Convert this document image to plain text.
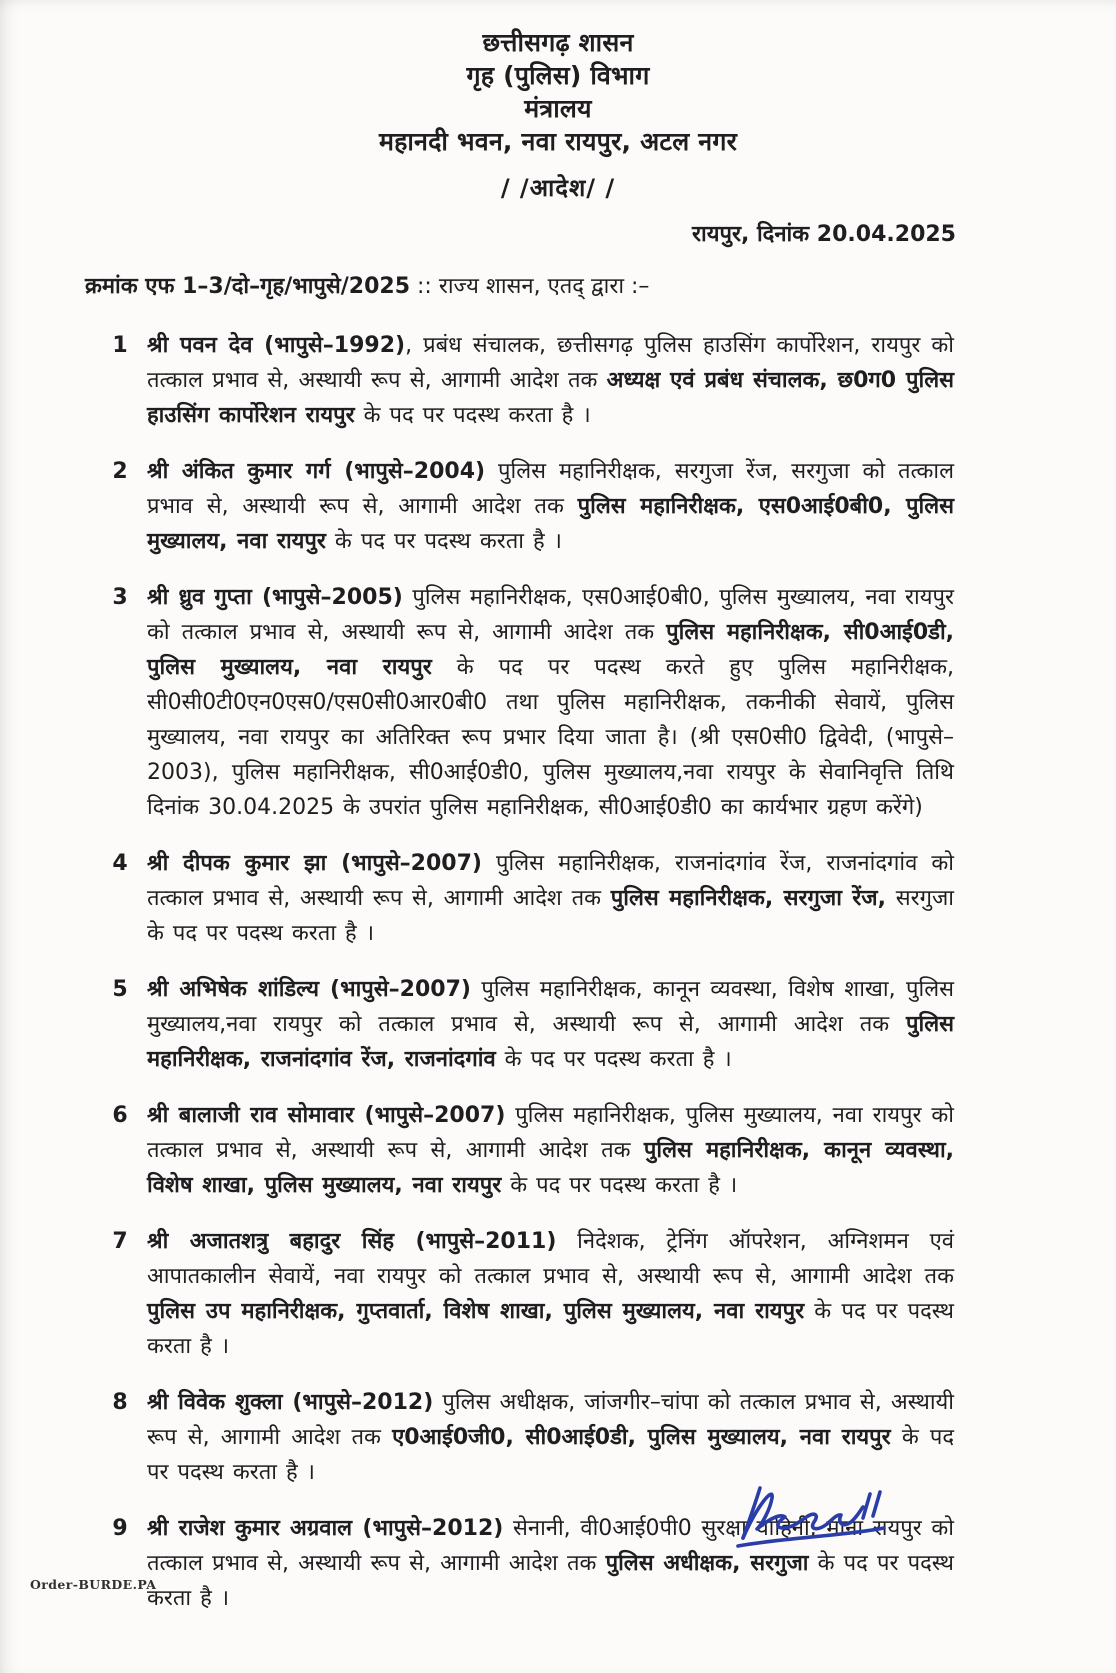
छत्तीसगढ़ शासन
गृह (पुलिस) विभाग
मंत्रालय
महानदी भवन, नवा रायपुर, अटल नगर
/ /आदेश/ /
रायपुर, दिनांक 20.04.2025
क्रमांक एफ 1–3/दो–गृह/भापुसे/2025 :: राज्य शासन, एतद् द्वारा :–
1 श्री पवन देव (भापुसे–1992), प्रबंध संचालक, छत्तीसगढ़ पुलिस हाउसिंग कार्पोरेशन, रायपुर को तत्काल प्रभाव से, अस्थायी रूप से, आगामी आदेश तक अध्यक्ष एवं प्रबंध संचालक, छ0ग0 पुलिस हाउसिंग कार्पोरेशन रायपुर के पद पर पदस्थ करता है ।
2 श्री अंकित कुमार गर्ग (भापुसे–2004) पुलिस महानिरीक्षक, सरगुजा रेंज, सरगुजा को तत्काल प्रभाव से, अस्थायी रूप से, आगामी आदेश तक पुलिस महानिरीक्षक, एस0आई0बी0, पुलिस मुख्यालय, नवा रायपुर के पद पर पदस्थ करता है ।
3 श्री ध्रुव गुप्ता (भापुसे–2005) पुलिस महानिरीक्षक, एस0आई0बी0, पुलिस मुख्यालय, नवा रायपुर को तत्काल प्रभाव से, अस्थायी रूप से, आगामी आदेश तक पुलिस महानिरीक्षक, सी0आई0डी, पुलिस मुख्यालय, नवा रायपुर के पद पर पदस्थ करते हुए पुलिस महानिरीक्षक, सी0सी0टी0एन0एस0/एस0सी0आर0बी0 तथा पुलिस महानिरीक्षक, तकनीकी सेवायें, पुलिस मुख्यालय, नवा रायपुर का अतिरिक्त रूप प्रभार दिया जाता है। (श्री एस0सी0 द्विवेदी, (भापुसे–2003), पुलिस महानिरीक्षक, सी0आई0डी0, पुलिस मुख्यालय,नवा रायपुर के सेवानिवृत्ति तिथि दिनांक 30.04.2025 के उपरांत पुलिस महानिरीक्षक, सी0आई0डी0 का कार्यभार ग्रहण करेंगे)
4 श्री दीपक कुमार झा (भापुसे–2007) पुलिस महानिरीक्षक, राजनांदगांव रेंज, राजनांदगांव को तत्काल प्रभाव से, अस्थायी रूप से, आगामी आदेश तक पुलिस महानिरीक्षक, सरगुजा रेंज, सरगुजा के पद पर पदस्थ करता है ।
5 श्री अभिषेक शांडिल्य (भापुसे–2007) पुलिस महानिरीक्षक, कानून व्यवस्था, विशेष शाखा, पुलिस मुख्यालय,नवा रायपुर को तत्काल प्रभाव से, अस्थायी रूप से, आगामी आदेश तक पुलिस महानिरीक्षक, राजनांदगांव रेंज, राजनांदगांव के पद पर पदस्थ करता है ।
6 श्री बालाजी राव सोमावार (भापुसे–2007) पुलिस महानिरीक्षक, पुलिस मुख्यालय, नवा रायपुर को तत्काल प्रभाव से, अस्थायी रूप से, आगामी आदेश तक पुलिस महानिरीक्षक, कानून व्यवस्था, विशेष शाखा, पुलिस मुख्यालय, नवा रायपुर के पद पर पदस्थ करता है ।
7 श्री अजातशत्रु बहादुर सिंह (भापुसे–2011) निदेशक, ट्रेनिंग ऑपरेशन, अग्निशमन एवं आपातकालीन सेवायें, नवा रायपुर को तत्काल प्रभाव से, अस्थायी रूप से, आगामी आदेश तक पुलिस उप महानिरीक्षक, गुप्तवार्ता, विशेष शाखा, पुलिस मुख्यालय, नवा रायपुर के पद पर पदस्थ करता है ।
8 श्री विवेक शुक्ला (भापुसे–2012) पुलिस अधीक्षक, जांजगीर–चांपा को तत्काल प्रभाव से, अस्थायी रूप से, आगामी आदेश तक ए0आई0जी0, सी0आई0डी, पुलिस मुख्यालय, नवा रायपुर के पद पर पदस्थ करता है ।
9 श्री राजेश कुमार अग्रवाल (भापुसे–2012) सेनानी, वी0आई0पी0 सुरक्षा वाहिनी, माना रायपुर को तत्काल प्रभाव से, अस्थायी रूप से, आगामी आदेश तक पुलिस अधीक्षक, सरगुजा के पद पर पदस्थ करता है ।
Order-BURDE.PA
